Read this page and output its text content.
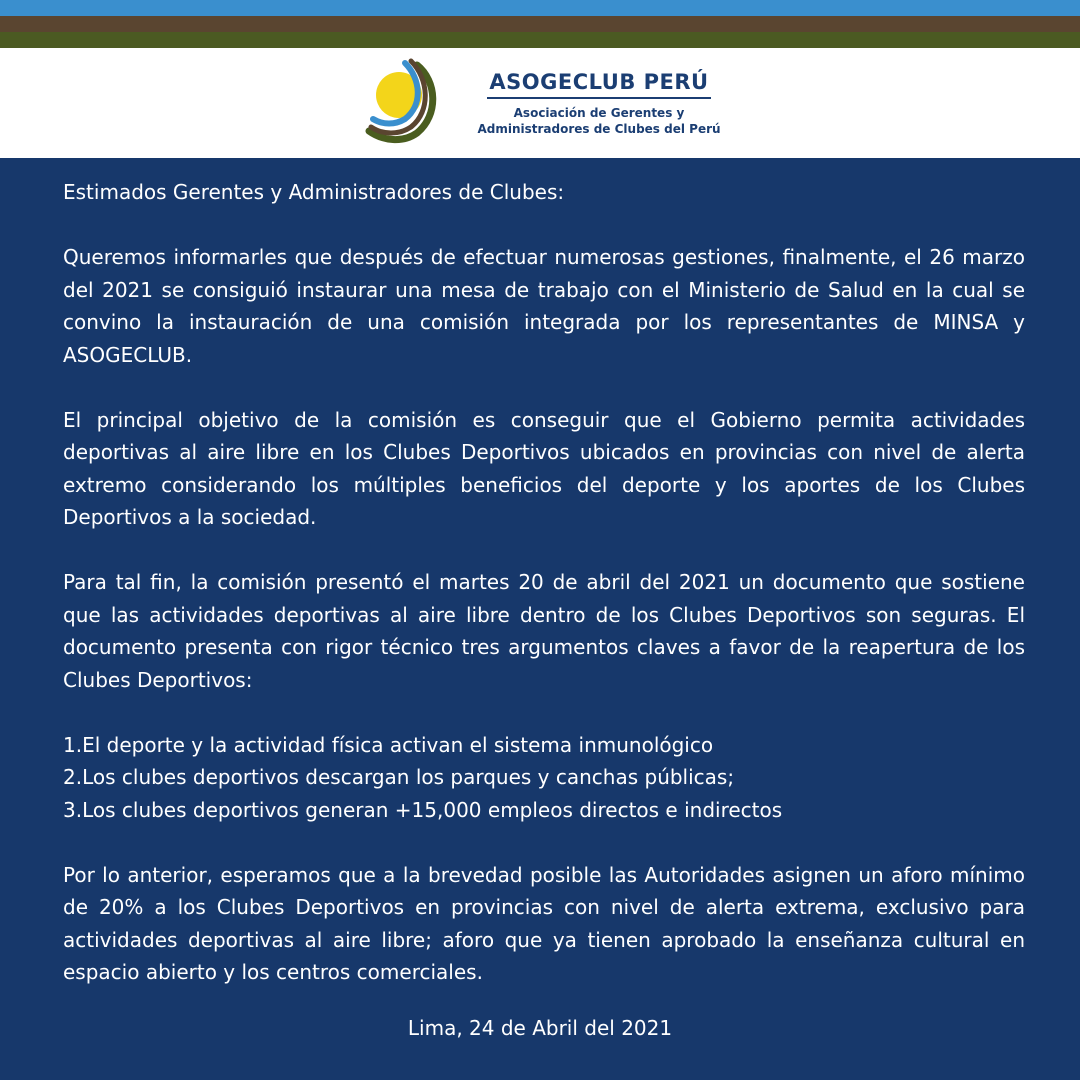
ASOGECLUB PERÚ
Asociación de Gerentes y
Administradores de Clubes del Perú

Estimados Gerentes y Administradores de Clubes:

Queremos informarles que después de efectuar numerosas gestiones, finalmente, el 26 marzo del 2021 se consiguió instaurar una mesa de trabajo con el Ministerio de Salud en la cual se convino la instauración de una comisión integrada por los representantes de MINSA y ASOGECLUB.

El principal objetivo de la comisión es conseguir que el Gobierno permita actividades deportivas al aire libre en los Clubes Deportivos ubicados en provincias con nivel de alerta extremo considerando los múltiples beneficios del deporte y los aportes de los Clubes Deportivos a la sociedad.

Para tal fin, la comisión presentó el martes 20 de abril del 2021 un documento que sostiene que las actividades deportivas al aire libre dentro de los Clubes Deportivos son seguras. El documento presenta con rigor técnico tres argumentos claves a favor de la reapertura de los Clubes Deportivos:

1.El deporte y la actividad física activan el sistema inmunológico
2.Los clubes deportivos descargan los parques y canchas públicas;
3.Los clubes deportivos generan +15,000 empleos directos e indirectos

Por lo anterior, esperamos que a la brevedad posible las Autoridades asignen un aforo mínimo de 20% a los Clubes Deportivos en provincias con nivel de alerta extrema, exclusivo para actividades deportivas al aire libre; aforo que ya tienen aprobado la enseñanza cultural en espacio abierto y los centros comerciales.

Lima, 24 de Abril del 2021
